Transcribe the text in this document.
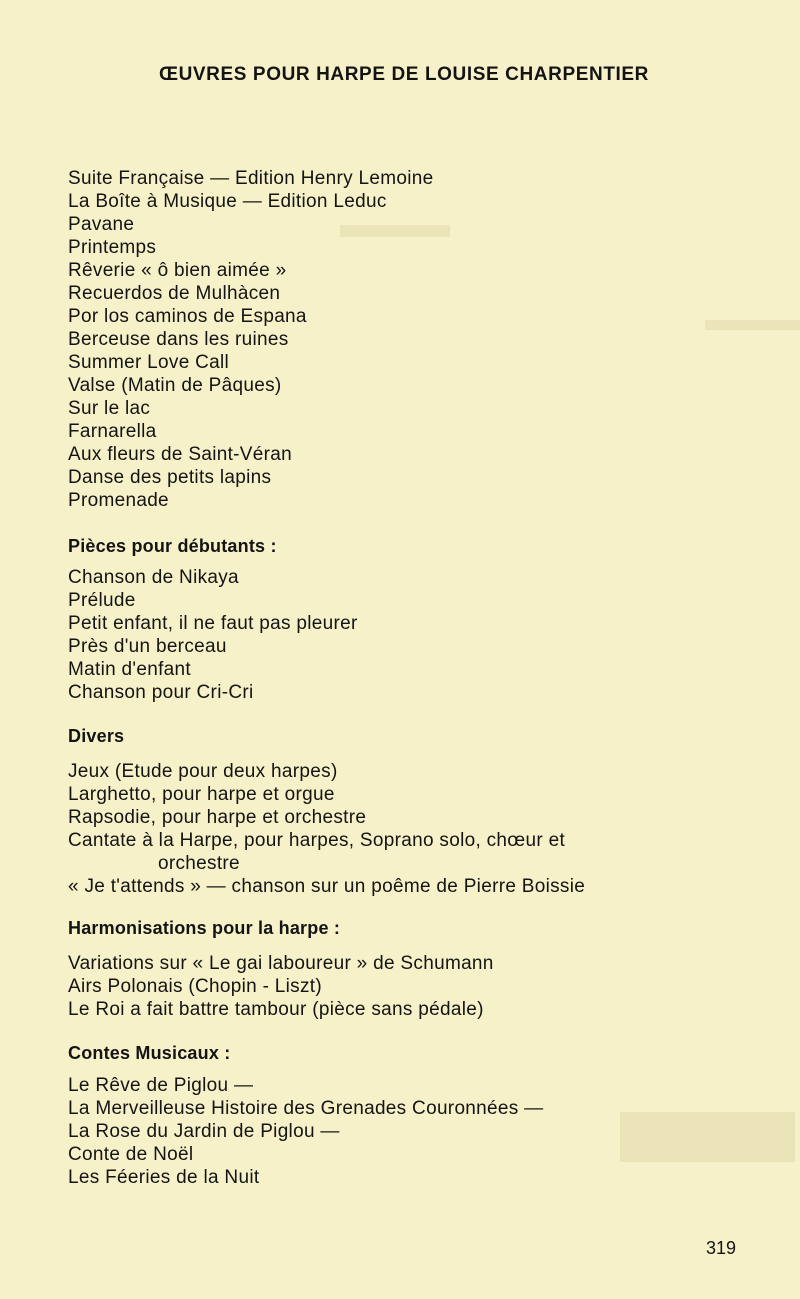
ŒUVRES POUR HARPE DE LOUISE CHARPENTIER
Suite Française — Edition Henry Lemoine
La Boîte à Musique — Edition Leduc
Pavane
Printemps
Rêverie « ô bien aimée »
Recuerdos de Mulhàcen
Por los caminos de Espana
Berceuse dans les ruines
Summer Love Call
Valse (Matin de Pâques)
Sur le lac
Farnarella
Aux fleurs de Saint-Véran
Danse des petits lapins
Promenade
Pièces pour débutants :
Chanson de Nikaya
Prélude
Petit enfant, il ne faut pas pleurer
Près d'un berceau
Matin d'enfant
Chanson pour Cri-Cri
Divers
Jeux (Etude pour deux harpes)
Larghetto, pour harpe et orgue
Rapsodie, pour harpe et orchestre
Cantate à la Harpe, pour harpes, Soprano solo, chœur et
orchestre
« Je t'attends » — chanson sur un poême de Pierre Boissie
Harmonisations pour la harpe :
Variations sur « Le gai laboureur » de Schumann
Airs Polonais (Chopin - Liszt)
Le Roi a fait battre tambour (pièce sans pédale)
Contes Musicaux :
Le Rêve de Piglou —
La Merveilleuse Histoire des Grenades Couronnées —
La Rose du Jardin de Piglou —
Conte de Noël
Les Féeries de la Nuit
319
